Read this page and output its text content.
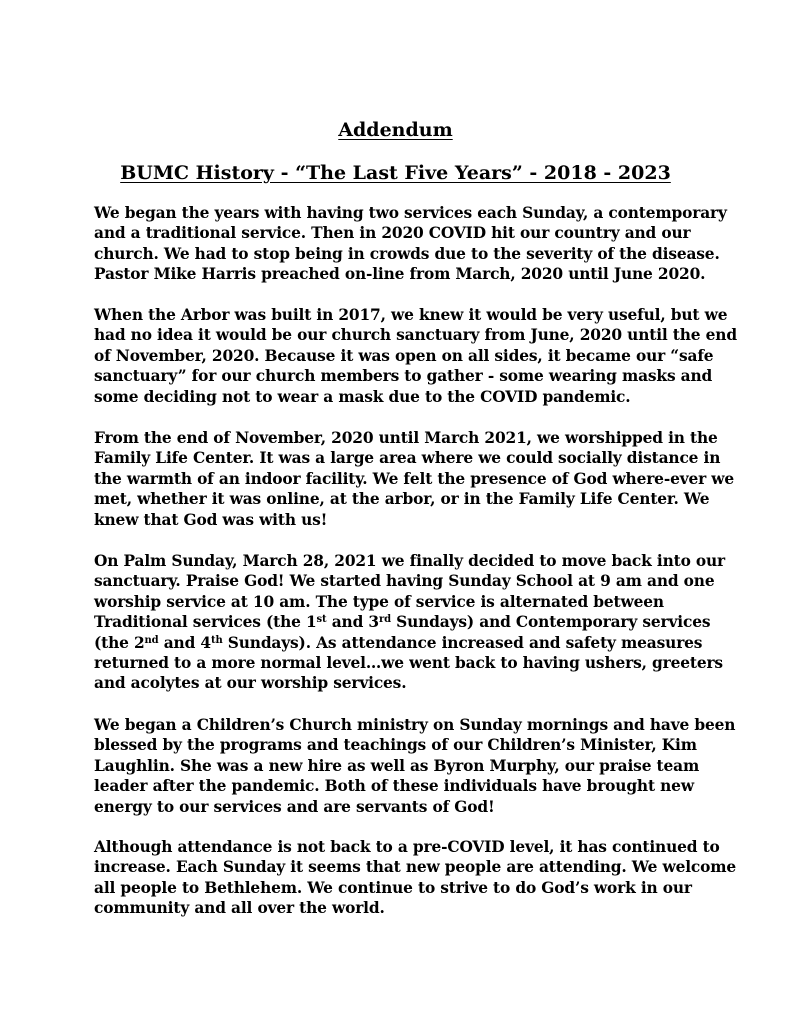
Addendum
BUMC History - “The Last Five Years” - 2018 - 2023
We began the years with having two services each Sunday, a contemporary
and a traditional service. Then in 2020 COVID hit our country and our
church. We had to stop being in crowds due to the severity of the disease.
Pastor Mike Harris preached on-line from March, 2020 until June 2020.
When the Arbor was built in 2017, we knew it would be very useful, but we
had no idea it would be our church sanctuary from June, 2020 until the end
of November, 2020. Because it was open on all sides, it became our “safe
sanctuary” for our church members to gather - some wearing masks and
some deciding not to wear a mask due to the COVID pandemic.
From the end of November, 2020 until March 2021, we worshipped in the
Family Life Center. It was a large area where we could socially distance in
the warmth of an indoor facility. We felt the presence of God where-ever we
met, whether it was online, at the arbor, or in the Family Life Center. We
knew that God was with us!
On Palm Sunday, March 28, 2021 we finally decided to move back into our
sanctuary. Praise God! We started having Sunday School at 9 am and one
worship service at 10 am. The type of service is alternated between
Traditional services (the 1st and 3rd Sundays) and Contemporary services
(the 2nd and 4th Sundays). As attendance increased and safety measures
returned to a more normal level…we went back to having ushers, greeters
and acolytes at our worship services.
We began a Children’s Church ministry on Sunday mornings and have been
blessed by the programs and teachings of our Children’s Minister, Kim
Laughlin. She was a new hire as well as Byron Murphy, our praise team
leader after the pandemic. Both of these individuals have brought new
energy to our services and are servants of God!
Although attendance is not back to a pre-COVID level, it has continued to
increase. Each Sunday it seems that new people are attending. We welcome
all people to Bethlehem. We continue to strive to do God’s work in our
community and all over the world.
